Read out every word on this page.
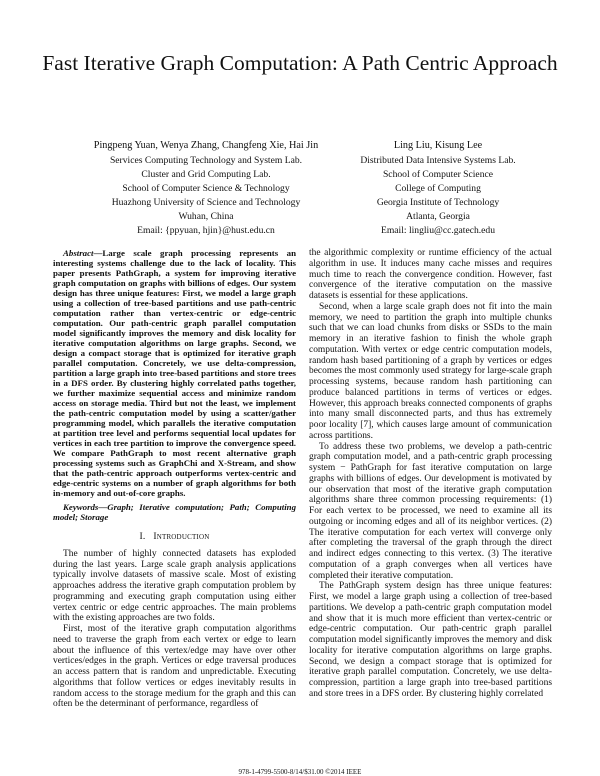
Fast Iterative Graph Computation: A Path Centric Approach
Pingpeng Yuan, Wenya Zhang, Changfeng Xie, Hai Jin
Services Computing Technology and System Lab.
Cluster and Grid Computing Lab.
School of Computer Science & Technology
Huazhong University of Science and Technology
Wuhan, China
Email: {ppyuan, hjin}@hust.edu.cn
Ling Liu, Kisung Lee
Distributed Data Intensive Systems Lab.
School of Computer Science
College of Computing
Georgia Institute of Technology
Atlanta, Georgia
Email: lingliu@cc.gatech.edu

Abstract—Large scale graph processing represents an interesting systems challenge due to the lack of locality. This paper presents PathGraph, a system for improving iterative graph computation on graphs with billions of edges. Our system design has three unique features: First, we model a large graph using a collection of tree-based partitions and use path-centric computation rather than vertex-centric or edge-centric computation. Our path-centric graph parallel computation model significantly improves the memory and disk locality for iterative computation algorithms on large graphs. Second, we design a compact storage that is optimized for iterative graph parallel computation. Concretely, we use delta-compression, partition a large graph into tree-based partitions and store trees in a DFS order. By clustering highly correlated paths together, we further maximize sequential access and minimize random access on storage media. Third but not the least, we implement the path-centric computation model by using a scatter/gather programming model, which parallels the iterative computation at partition tree level and performs sequential local updates for vertices in each tree partition to improve the convergence speed. We compare PathGraph to most recent alternative graph processing systems such as GraphChi and X-Stream, and show that the path-centric approach outperforms vertex-centric and edge-centric systems on a number of graph algorithms for both in-memory and out-of-core graphs.

Keywords—Graph; Iterative computation; Path; Computing model; Storage

I. Introduction

The number of highly connected datasets has exploded during the last years. Large scale graph analysis applications typically involve datasets of massive scale. Most of existing approaches address the iterative graph computation problem by programming and executing graph computation using either vertex centric or edge centric approaches. The main problems with the existing approaches are two folds.

First, most of the iterative graph computation algorithms need to traverse the graph from each vertex or edge to learn about the influence of this vertex/edge may have over other vertices/edges in the graph. Vertices or edge traversal produces an access pattern that is random and unpredictable. Executing algorithms that follow vertices or edges inevitably results in random access to the storage medium for the graph and this can often be the determinant of performance, regardless of

the algorithmic complexity or runtime efficiency of the actual algorithm in use. It induces many cache misses and requires much time to reach the convergence condition. However, fast convergence of the iterative computation on the massive datasets is essential for these applications.

Second, when a large scale graph does not fit into the main memory, we need to partition the graph into multiple chunks such that we can load chunks from disks or SSDs to the main memory in an iterative fashion to finish the whole graph computation. With vertex or edge centric computation models, random hash based partitioning of a graph by vertices or edges becomes the most commonly used strategy for large-scale graph processing systems, because random hash partitioning can produce balanced partitions in terms of vertices or edges. However, this approach breaks connected components of graphs into many small disconnected parts, and thus has extremely poor locality [7], which causes large amount of communication across partitions.

To address these two problems, we develop a path-centric graph computation model, and a path-centric graph processing system − PathGraph for fast iterative computation on large graphs with billions of edges. Our development is motivated by our observation that most of the iterative graph computation algorithms share three common processing requirements: (1) For each vertex to be processed, we need to examine all its outgoing or incoming edges and all of its neighbor vertices. (2) The iterative computation for each vertex will converge only after completing the traversal of the graph through the direct and indirect edges connecting to this vertex. (3) The iterative computation of a graph converges when all vertices have completed their iterative computation.

The PathGraph system design has three unique features: First, we model a large graph using a collection of tree-based partitions. We develop a path-centric graph computation model and show that it is much more efficient than vertex-centric or edge-centric computation. Our path-centric graph parallel computation model significantly improves the memory and disk locality for iterative computation algorithms on large graphs. Second, we design a compact storage that is optimized for iterative graph parallel computation. Concretely, we use delta-compression, partition a large graph into tree-based partitions and store trees in a DFS order. By clustering highly correlated

978-1-4799-5500-8/14/$31.00 ©2014 IEEE
